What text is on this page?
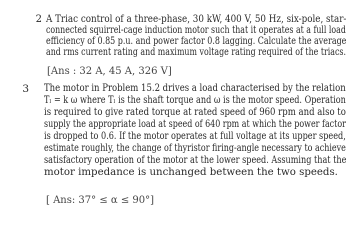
2 A Triac control of a three-phase, 30 kW, 400 V, 50 Hz, six-pole, star-
connected squirrel-cage induction motor such that it operates at a full load
efficiency of 0.85 p.u. and power factor 0.8 lagging. Calculate the average
and rms current rating and maximum voltage rating required of the triacs.
[Ans : 32 A, 45 A, 326 V]
3 The motor in Problem 15.2 drives a load characterised by the relation
Tₗ = k ω where Tₗ is the shaft torque and ω is the motor speed. Operation
is required to give rated torque at rated speed of 960 rpm and also to
supply the appropriate load at speed of 640 rpm at which the power factor
is dropped to 0.6. If the motor operates at full voltage at its upper speed,
estimate roughly, the change of thyristor firing-angle necessary to achieve
satisfactory operation of the motor at the lower speed. Assuming that the
motor impedance is unchanged between the two speeds.
[ Ans: 37° ≤ α ≤ 90°]
